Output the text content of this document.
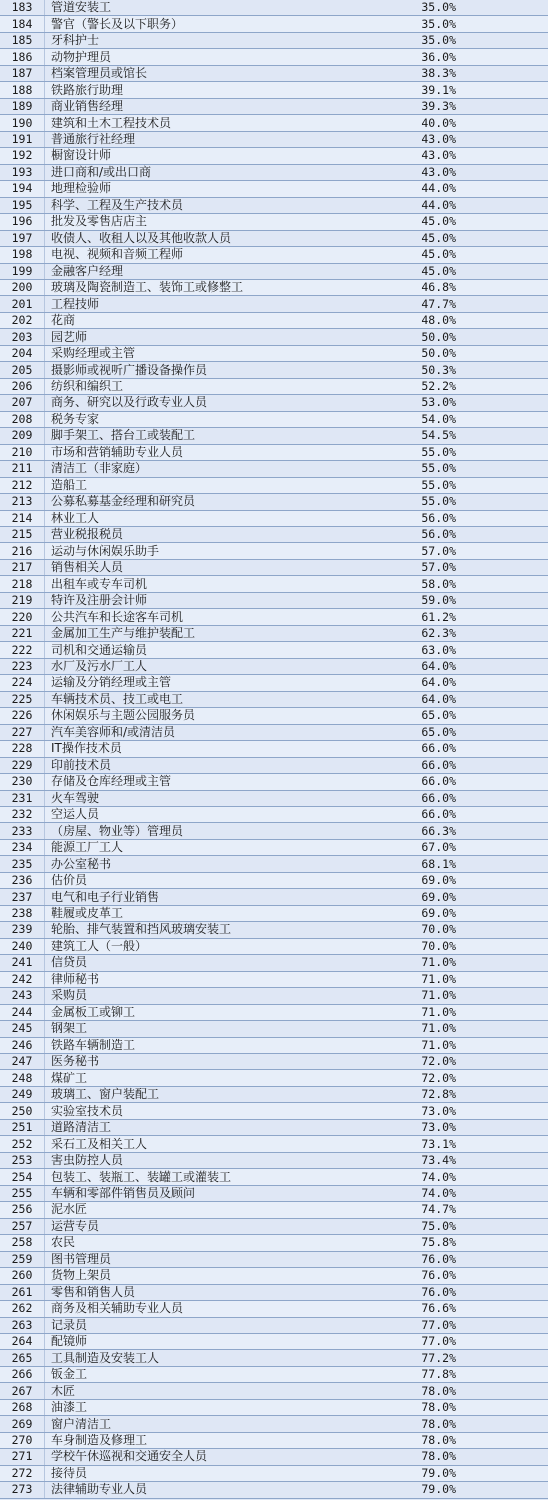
183	管道安装工	35.0%
184	警官（警长及以下职务）	35.0%
185	牙科护士	35.0%
186	动物护理员	36.0%
187	档案管理员或馆长	38.3%
188	铁路旅行助理	39.1%
189	商业销售经理	39.3%
190	建筑和土木工程技术员	40.0%
191	普通旅行社经理	43.0%
192	橱窗设计师	43.0%
193	进口商和/或出口商	43.0%
194	地理检验师	44.0%
195	科学、工程及生产技术员	44.0%
196	批发及零售店店主	45.0%
197	收债人、收租人以及其他收款人员	45.0%
198	电视、视频和音频工程师	45.0%
199	金融客户经理	45.0%
200	玻璃及陶瓷制造工、装饰工或修整工	46.8%
201	工程技师	47.7%
202	花商	48.0%
203	园艺师	50.0%
204	采购经理或主管	50.0%
205	摄影师或视听广播设备操作员	50.3%
206	纺织和编织工	52.2%
207	商务、研究以及行政专业人员	53.0%
208	税务专家	54.0%
209	脚手架工、搭台工或装配工	54.5%
210	市场和营销辅助专业人员	55.0%
211	清洁工（非家庭）	55.0%
212	造船工	55.0%
213	公募私募基金经理和研究员	55.0%
214	林业工人	56.0%
215	营业税报税员	56.0%
216	运动与休闲娱乐助手	57.0%
217	销售相关人员	57.0%
218	出租车或专车司机	58.0%
219	特许及注册会计师	59.0%
220	公共汽车和长途客车司机	61.2%
221	金属加工生产与维护装配工	62.3%
222	司机和交通运输员	63.0%
223	水厂及污水厂工人	64.0%
224	运输及分销经理或主管	64.0%
225	车辆技术员、技工或电工	64.0%
226	休闲娱乐与主题公园服务员	65.0%
227	汽车美容师和/或清洁员	65.0%
228	IT操作技术员	66.0%
229	印前技术员	66.0%
230	存储及仓库经理或主管	66.0%
231	火车驾驶	66.0%
232	空运人员	66.0%
233	（房屋、物业等）管理员	66.3%
234	能源工厂工人	67.0%
235	办公室秘书	68.1%
236	估价员	69.0%
237	电气和电子行业销售	69.0%
238	鞋履或皮革工	69.0%
239	轮胎、排气装置和挡风玻璃安装工	70.0%
240	建筑工人（一般）	70.0%
241	信贷员	71.0%
242	律师秘书	71.0%
243	采购员	71.0%
244	金属板工或铆工	71.0%
245	钢架工	71.0%
246	铁路车辆制造工	71.0%
247	医务秘书	72.0%
248	煤矿工	72.0%
249	玻璃工、窗户装配工	72.8%
250	实验室技术员	73.0%
251	道路清洁工	73.0%
252	采石工及相关工人	73.1%
253	害虫防控人员	73.4%
254	包装工、装瓶工、装罐工或灌装工	74.0%
255	车辆和零部件销售员及顾问	74.0%
256	泥水匠	74.7%
257	运营专员	75.0%
258	农民	75.8%
259	图书管理员	76.0%
260	货物上架员	76.0%
261	零售和销售人员	76.0%
262	商务及相关辅助专业人员	76.6%
263	记录员	77.0%
264	配镜师	77.0%
265	工具制造及安装工人	77.2%
266	钣金工	77.8%
267	木匠	78.0%
268	油漆工	78.0%
269	窗户清洁工	78.0%
270	车身制造及修理工	78.0%
271	学校午休巡视和交通安全人员	78.0%
272	接待员	79.0%
273	法律辅助专业人员	79.0%
